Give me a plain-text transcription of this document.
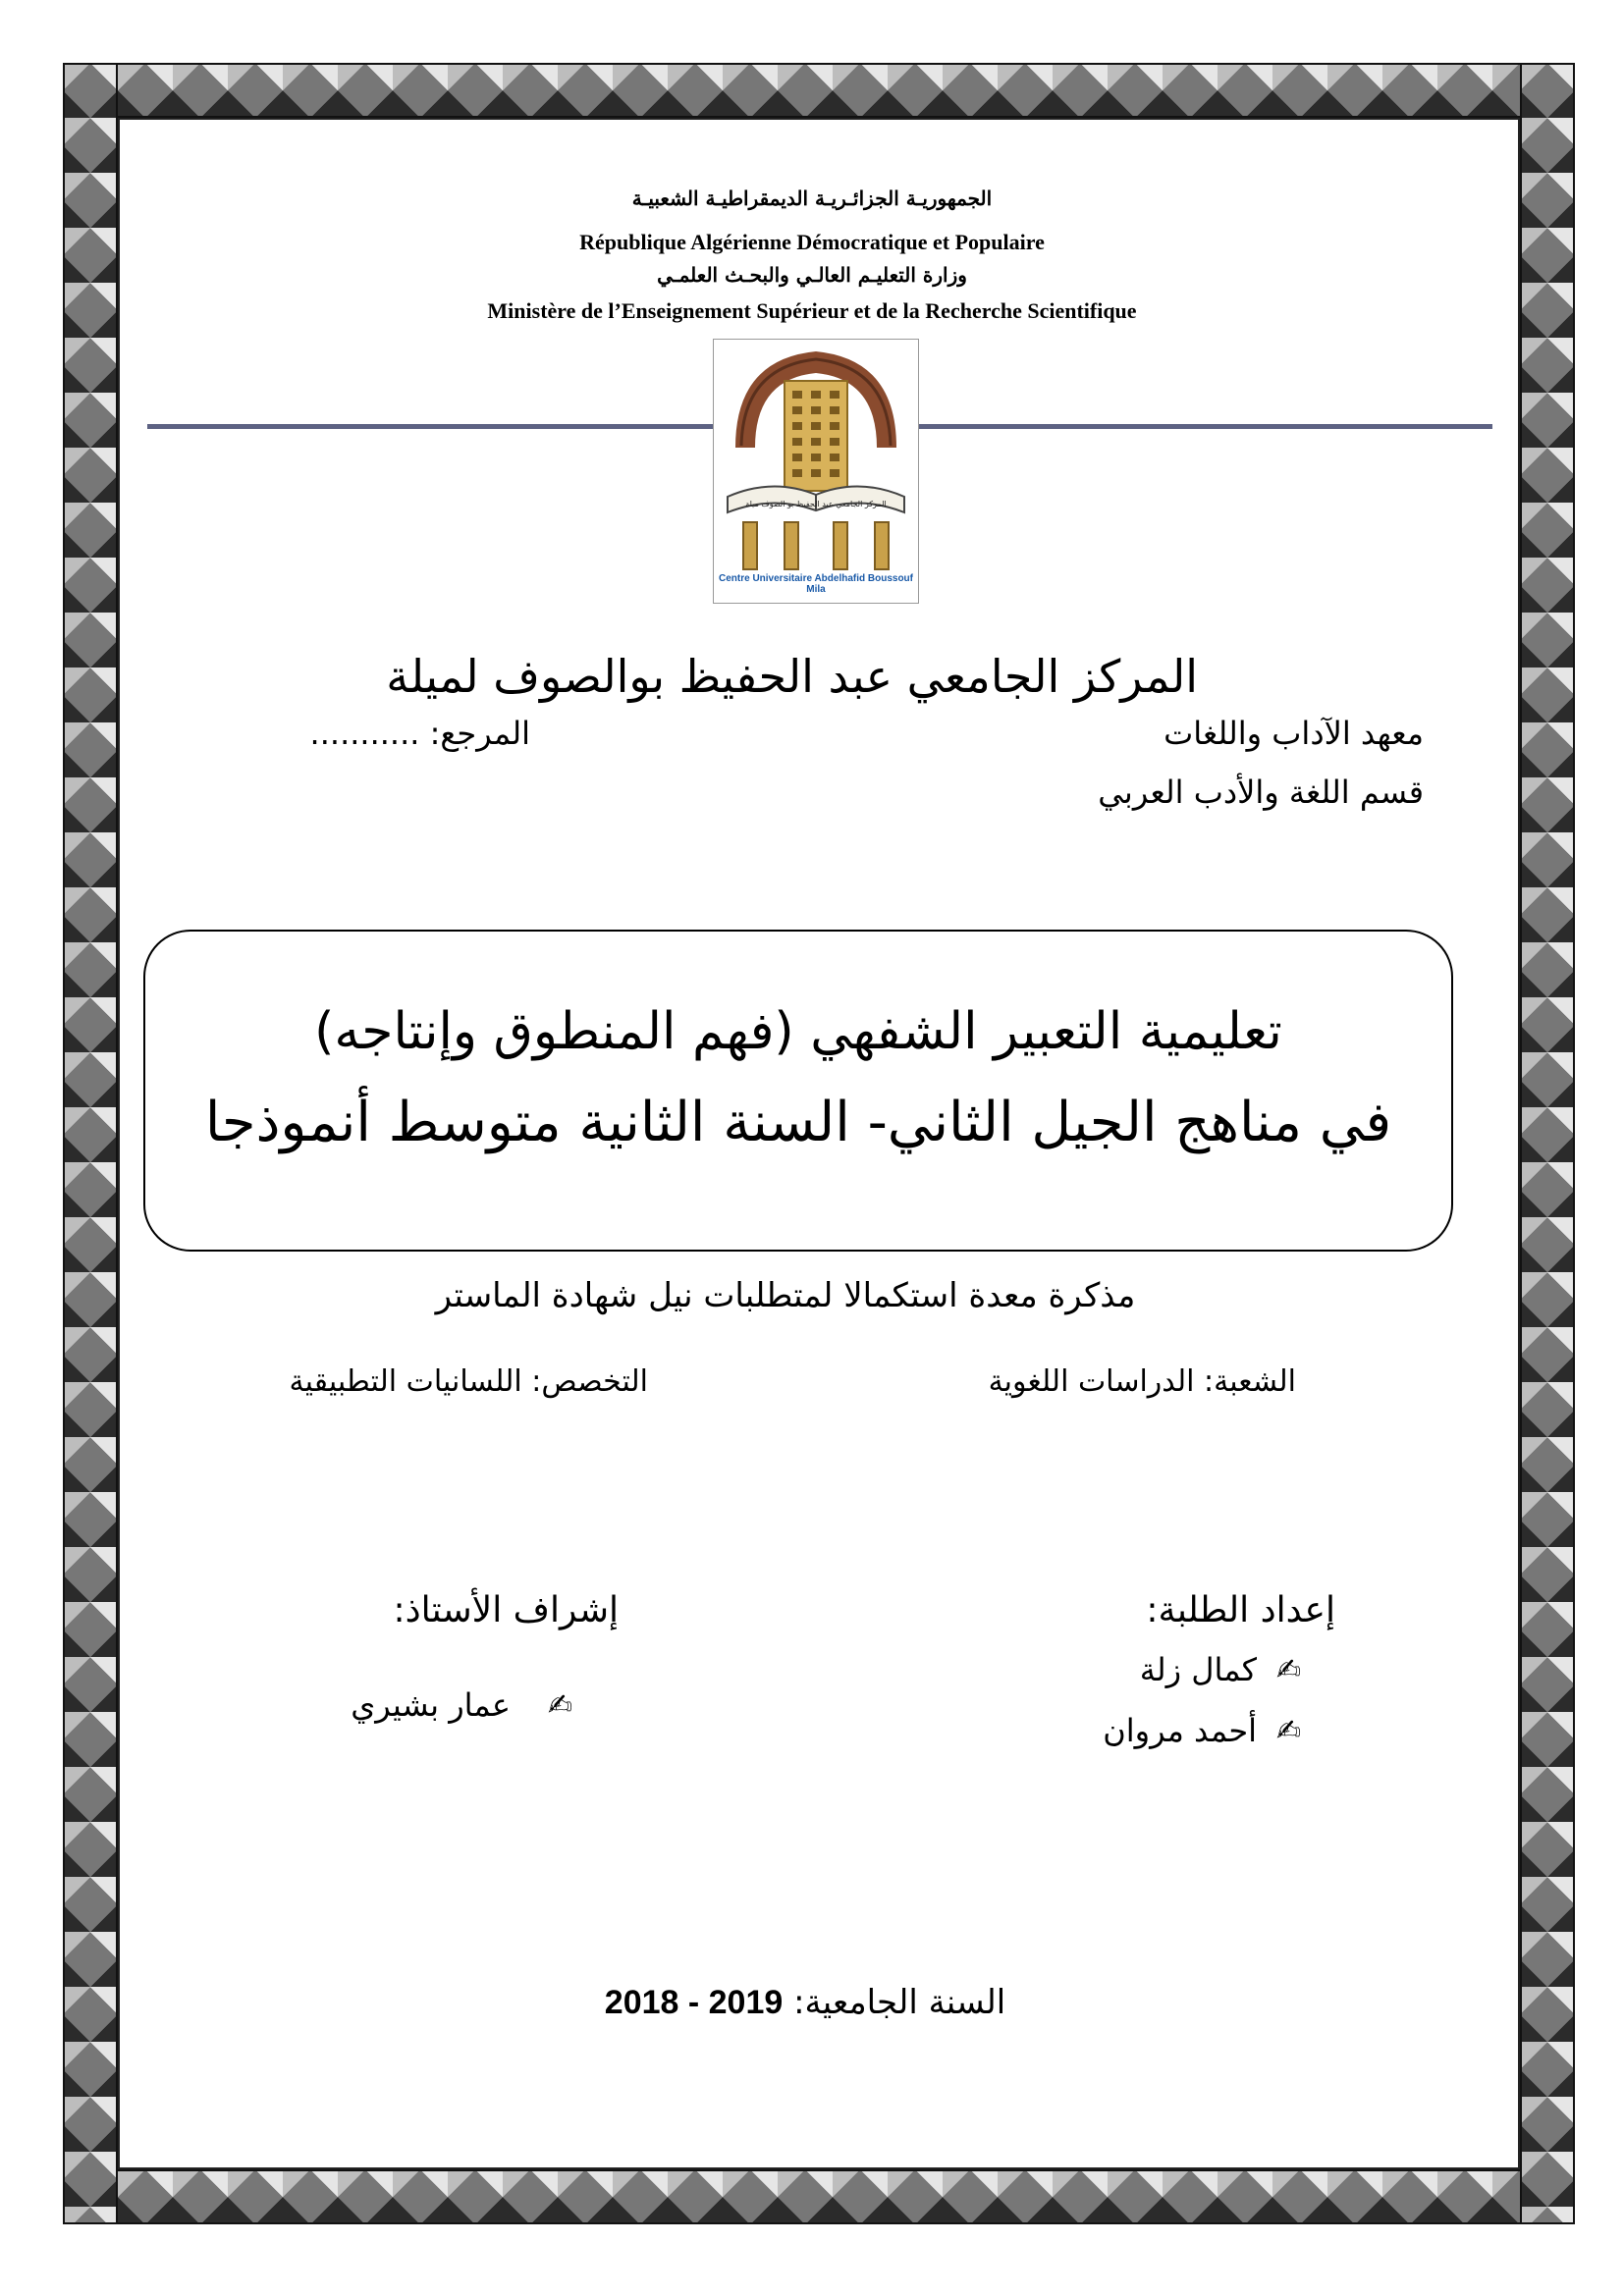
الجمهوريـة الجزائـريـة الديمقراطيـة الشعبيـة
République Algérienne Démocratique et Populaire
وزارة التعليـم العالـي والبحـث العلمـي
Ministère de l’Enseignement Supérieur et de la Recherche Scientifique
المركز الجامعي عبد الحفيظ بو الصوف ميلة
Centre Universitaire Abdelhafid Boussouf Mila
المركز الجامعي عبد الحفيظ بوالصوف لميلة
معهد الآداب واللغات
المرجع: ...........
قسم اللغة والأدب العربي
تعليمية التعبير الشفهي (فهم المنطوق وإنتاجه)
في مناهج الجيل الثاني- السنة الثانية متوسط أنموذجا
مذكرة معدة استكمالا لمتطلبات نيل شهادة الماستر
الشعبة: الدراسات اللغوية
التخصص: اللسانيات التطبيقية
إعداد الطلبة:
✍
كمال زلة
✍
أحمد مروان
إشراف الأستاذ:
✍
عمار بشيري
السنة الجامعية: 2018 - 2019
